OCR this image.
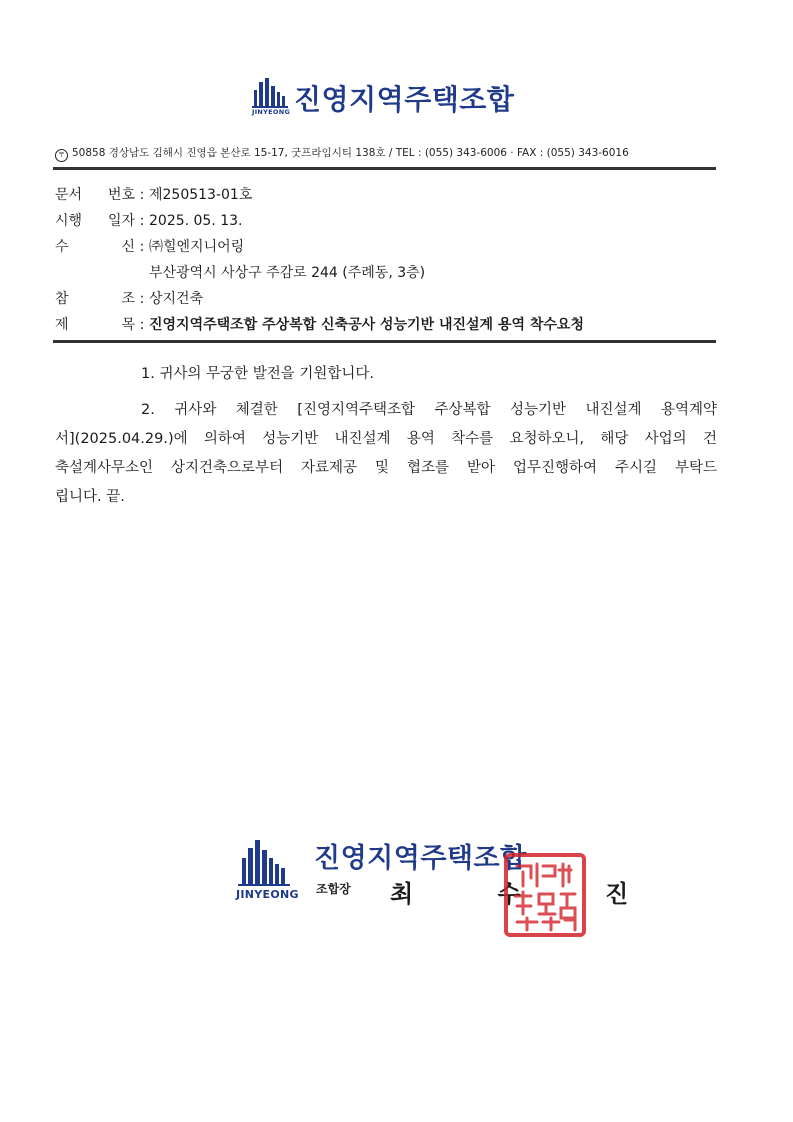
JINYEONG 진영지역주택조합
〒 50858 경상남도 김해시 진영읍 본산로 15-17, 굿프라임시티 138호 / TEL : (055) 343-6006 · FAX : (055) 343-6016
문서 번호 : 제250513-01호
시행 일자 : 2025. 05. 13.
수 신 : ㈜힐엔지니어링
부산광역시 사상구 주감로 244 (주례동, 3층)
참 조 : 상지건축
제 목 : 진영지역주택조합 주상복합 신축공사 성능기반 내진설계 용역 착수요청
1. 귀사의 무궁한 발전을 기원합니다.
2. 귀사와 체결한 [진영지역주택조합 주상복합 성능기반 내진설계 용역계약
서](2025.04.29.)에 의하여 성능기반 내진설계 용역 착수를 요청하오니, 해당 사업의 건
축설계사무소인 상지건축으로부터 자료제공 및 협조를 받아 업무진행하여 주시길 부탁드
립니다. 끝.
JINYEONG
진영지역주택조합
조합장 최 수 진
